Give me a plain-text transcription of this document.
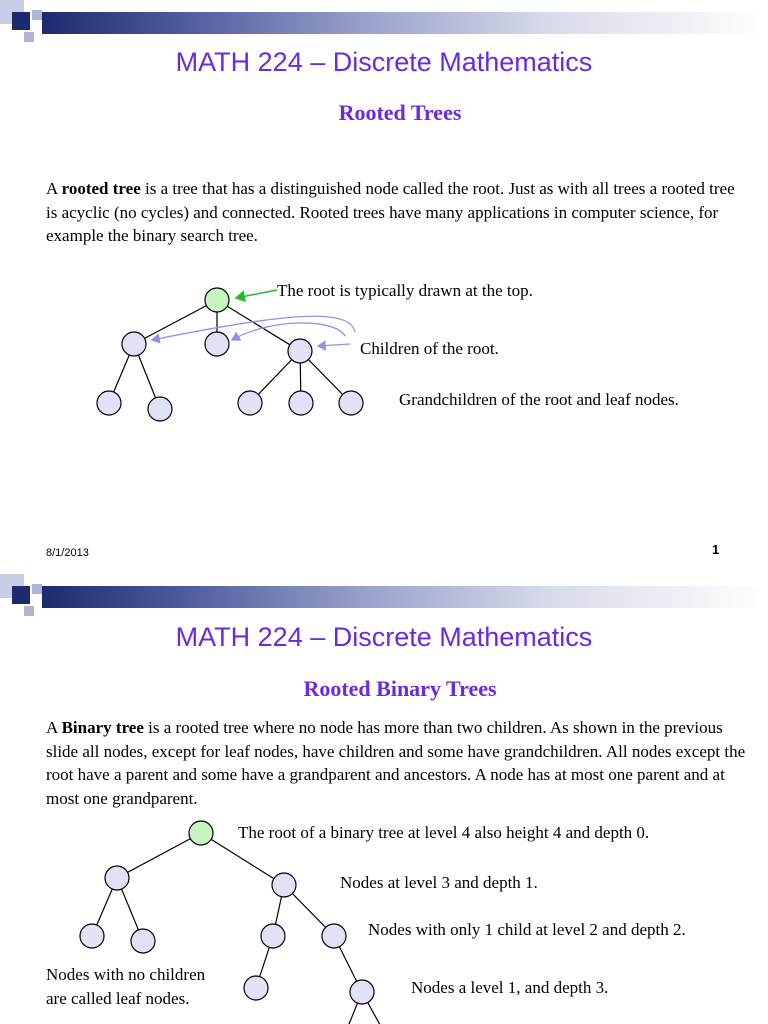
MATH 224 – Discrete Mathematics
Rooted Trees
A rooted tree is a tree that has a distinguished node called the root. Just as with all trees a rooted tree is acyclic (no cycles) and connected. Rooted trees have many applications in computer science, for example the binary search tree.
The root is typically drawn at the top.
Children of the root.
Grandchildren of the root and leaf nodes.
8/1/2013	1
MATH 224 – Discrete Mathematics
Rooted Binary Trees
A Binary tree is a rooted tree where no node has more than two children. As shown in the previous slide all nodes, except for leaf nodes, have children and some have grandchildren. All nodes except the root have a parent and some have a grandparent and ancestors. A node has at most one parent and at most one grandparent.
The root of a binary tree at level 4 also height 4 and depth 0.
Nodes at level 3 and depth 1.
Nodes with only 1 child at level 2 and depth 2.
Nodes with no children
are called leaf nodes.
Nodes a level 1, and depth 3.
